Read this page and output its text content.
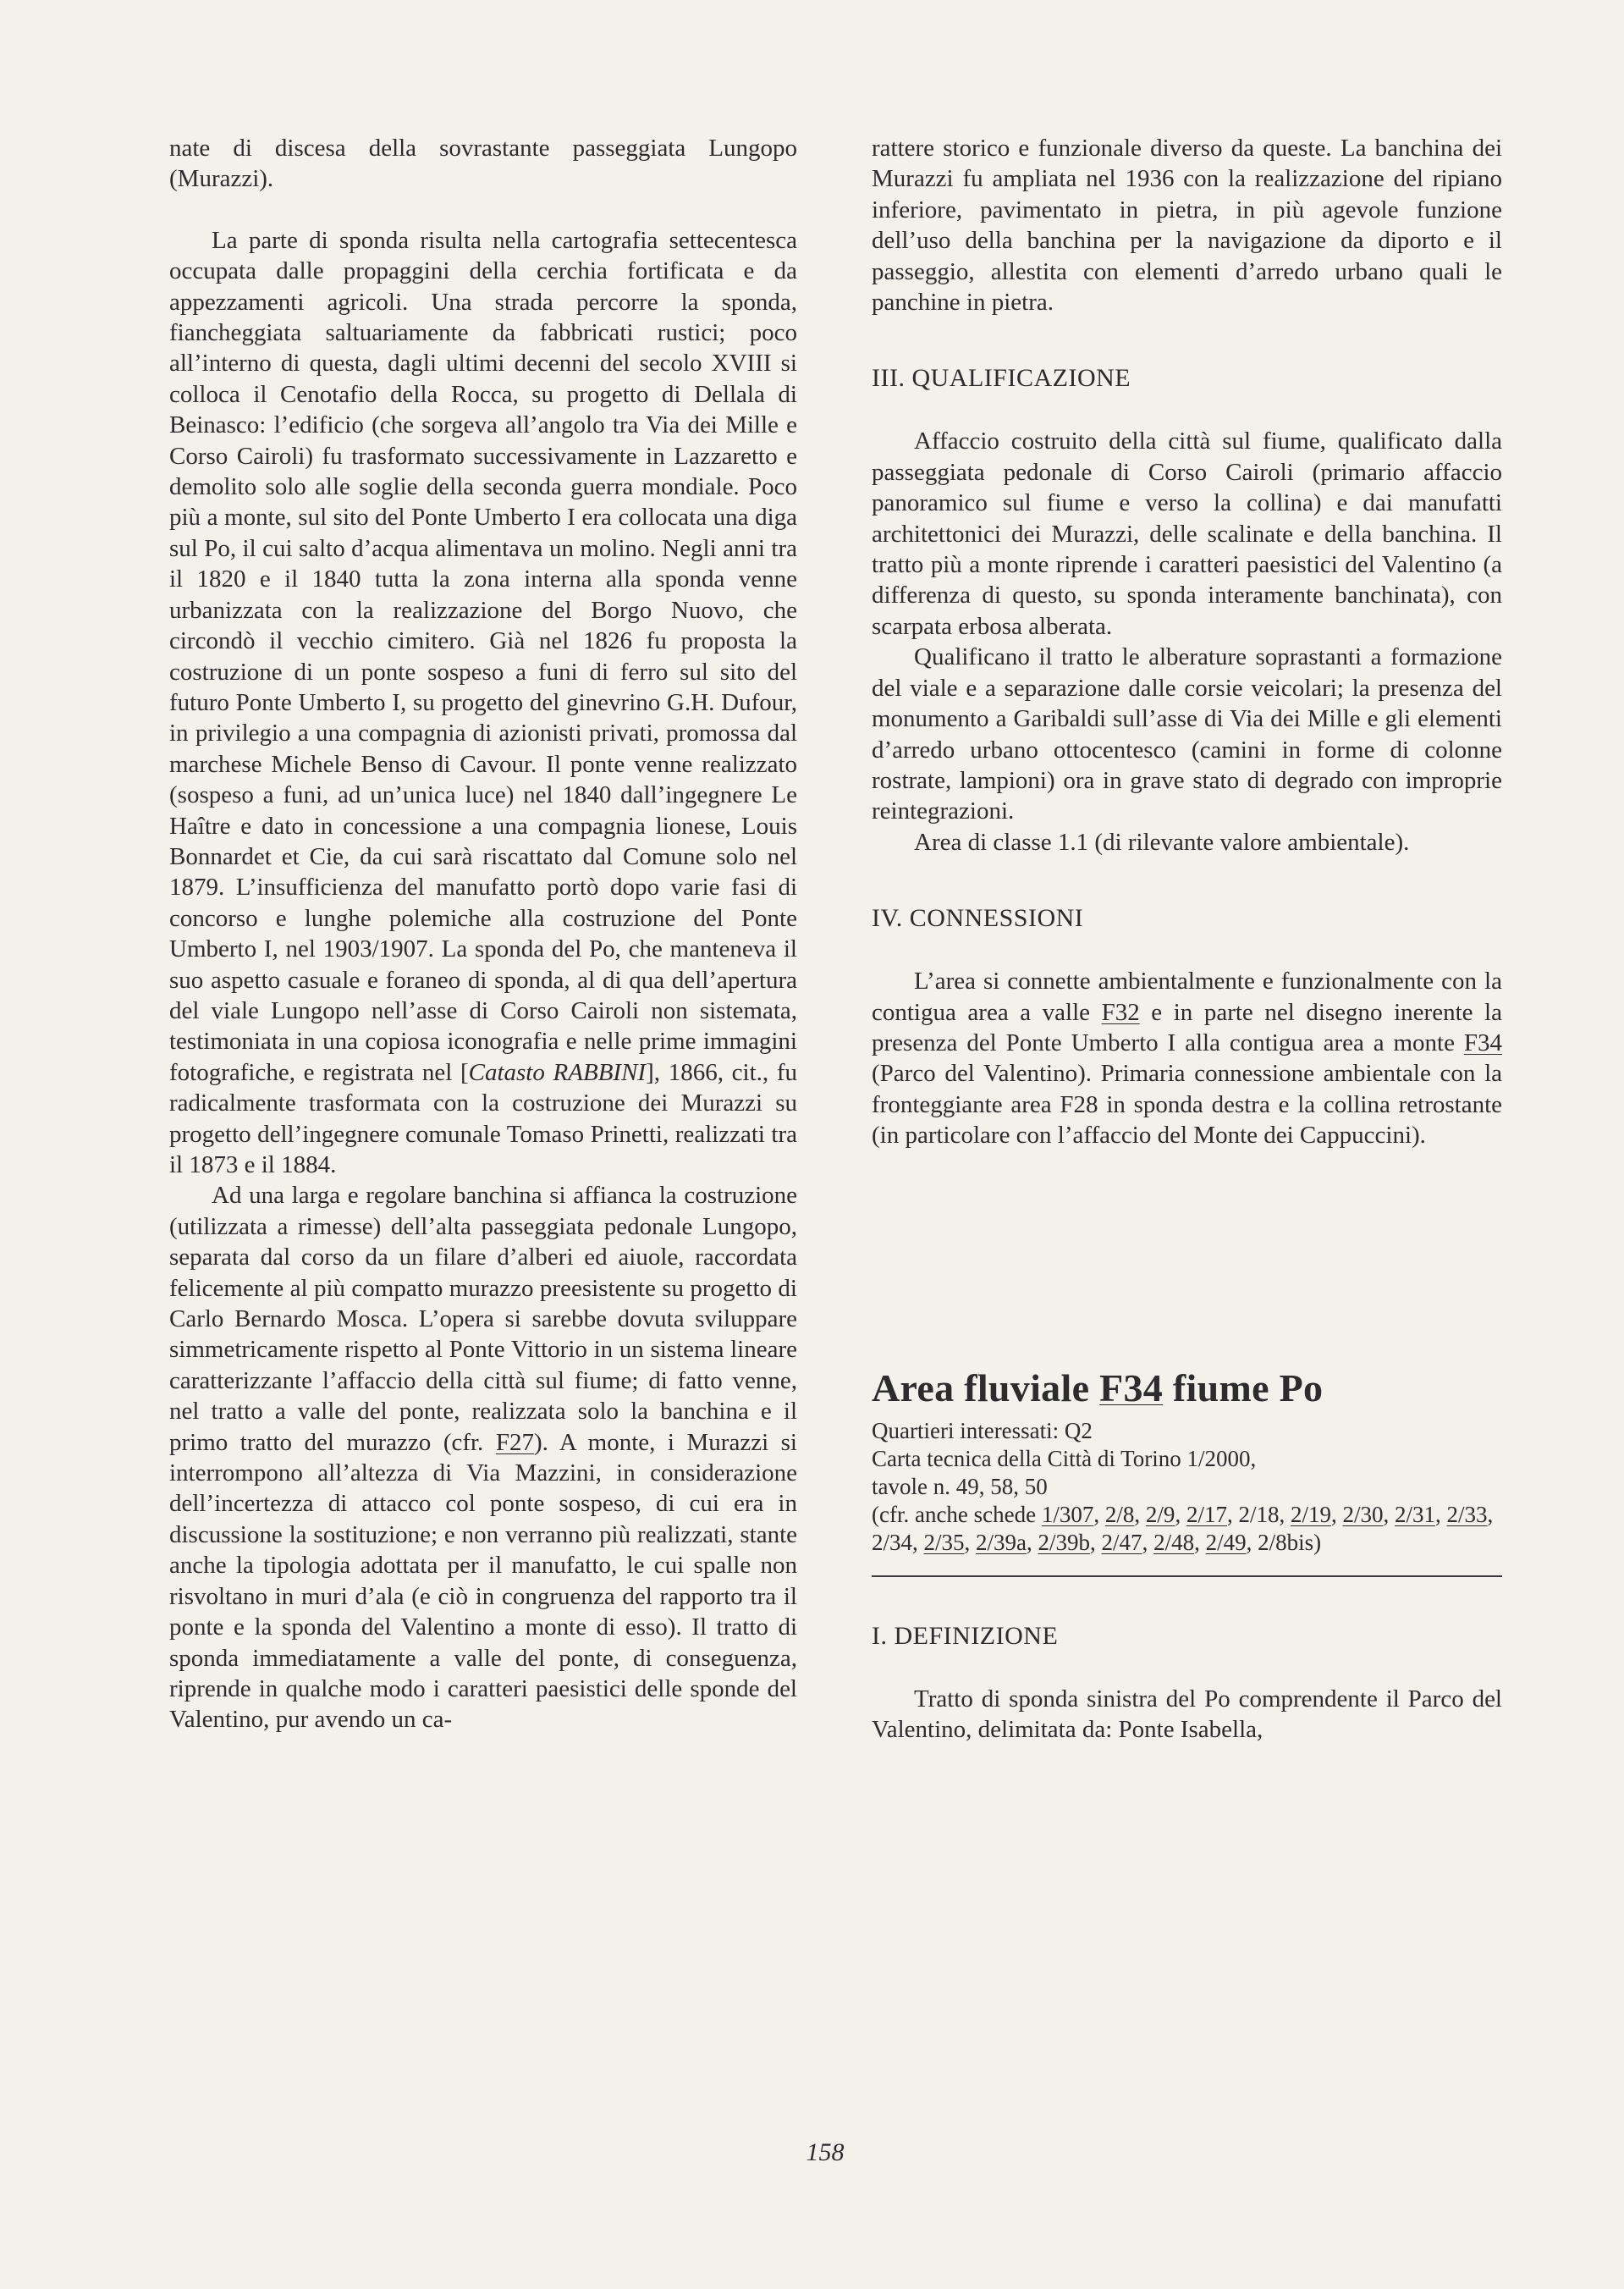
nate di discesa della sovrastante passeggiata Lungopo (Murazzi).

La parte di sponda risulta nella cartografia settecentesca occupata dalle propaggini della cerchia fortificata e da appezzamenti agricoli. Una strada percorre la sponda, fiancheggiata saltuariamente da fabbricati rustici; poco all’interno di questa, dagli ultimi decenni del secolo XVIII si colloca il Cenotafio della Rocca, su progetto di Dellala di Beinasco: l’edificio (che sorgeva all’angolo tra Via dei Mille e Corso Cairoli) fu trasformato successivamente in Lazzaretto e demolito solo alle soglie della seconda guerra mondiale. Poco più a monte, sul sito del Ponte Umberto I era collocata una diga sul Po, il cui salto d’acqua alimentava un molino. Negli anni tra il 1820 e il 1840 tutta la zona interna alla sponda venne urbanizzata con la realizzazione del Borgo Nuovo, che circondò il vecchio cimitero. Già nel 1826 fu proposta la costruzione di un ponte sospeso a funi di ferro sul sito del futuro Ponte Umberto I, su progetto del ginevrino G.H. Dufour, in privilegio a una compagnia di azionisti privati, promossa dal marchese Michele Benso di Cavour. Il ponte venne realizzato (sospeso a funi, ad un’unica luce) nel 1840 dall’ingegnere Le Haître e dato in concessione a una compagnia lionese, Louis Bonnardet et Cie, da cui sarà riscattato dal Comune solo nel 1879. L’insufficienza del manufatto portò dopo varie fasi di concorso e lunghe polemiche alla costruzione del Ponte Umberto I, nel 1903/1907. La sponda del Po, che manteneva il suo aspetto casuale e foraneo di sponda, al di qua dell’apertura del viale Lungopo nell’asse di Corso Cairoli non sistemata, testimoniata in una copiosa iconografia e nelle prime immagini fotografiche, e registrata nel [Catasto RABBINI], 1866, cit., fu radicalmente trasformata con la costruzione dei Murazzi su progetto dell’ingegnere comunale Tomaso Prinetti, realizzati tra il 1873 e il 1884.

Ad una larga e regolare banchina si affianca la costruzione (utilizzata a rimesse) dell’alta passeggiata pedonale Lungopo, separata dal corso da un filare d’alberi ed aiuole, raccordata felicemente al più compatto murazzo preesistente su progetto di Carlo Bernardo Mosca. L’opera si sarebbe dovuta sviluppare simmetricamente rispetto al Ponte Vittorio in un sistema lineare caratterizzante l’affaccio della città sul fiume; di fatto venne, nel tratto a valle del ponte, realizzata solo la banchina e il primo tratto del murazzo (cfr. F27). A monte, i Murazzi si interrompono all’altezza di Via Mazzini, in considerazione dell’incertezza di attacco col ponte sospeso, di cui era in discussione la sostituzione; e non verranno più realizzati, stante anche la tipologia adottata per il manufatto, le cui spalle non risvoltano in muri d’ala (e ciò in congruenza del rapporto tra il ponte e la sponda del Valentino a monte di esso). Il tratto di sponda immediatamente a valle del ponte, di conseguenza, riprende in qualche modo i caratteri paesistici delle sponde del Valentino, pur avendo un ca-

rattere storico e funzionale diverso da queste. La banchina dei Murazzi fu ampliata nel 1936 con la realizzazione del ripiano inferiore, pavimentato in pietra, in più agevole funzione dell’uso della banchina per la navigazione da diporto e il passeggio, allestita con elementi d’arredo urbano quali le panchine in pietra.

III. QUALIFICAZIONE

Affaccio costruito della città sul fiume, qualificato dalla passeggiata pedonale di Corso Cairoli (primario affaccio panoramico sul fiume e verso la collina) e dai manufatti architettonici dei Murazzi, delle scalinate e della banchina. Il tratto più a monte riprende i caratteri paesistici del Valentino (a differenza di questo, su sponda interamente banchinata), con scarpata erbosa alberata.

Qualificano il tratto le alberature soprastanti a formazione del viale e a separazione dalle corsie veicolari; la presenza del monumento a Garibaldi sull’asse di Via dei Mille e gli elementi d’arredo urbano ottocentesco (camini in forme di colonne rostrate, lampioni) ora in grave stato di degrado con improprie reintegrazioni.

Area di classe 1.1 (di rilevante valore ambientale).

IV. CONNESSIONI

L’area si connette ambientalmente e funzionalmente con la contigua area a valle F32 e in parte nel disegno inerente la presenza del Ponte Umberto I alla contigua area a monte F34 (Parco del Valentino). Primaria connessione ambientale con la fronteggiante area F28 in sponda destra e la collina retrostante (in particolare con l’affaccio del Monte dei Cappuccini).

Area fluviale F34 fiume Po
Quartieri interessati: Q2
Carta tecnica della Città di Torino 1/2000,
tavole n. 49, 58, 50
(cfr. anche schede 1/307, 2/8, 2/9, 2/17, 2/18, 2/19, 2/30, 2/31, 2/33, 2/34, 2/35, 2/39a, 2/39b, 2/47, 2/48, 2/49, 2/8bis)
I. DEFINIZIONE

Tratto di sponda sinistra del Po comprendente il Parco del Valentino, delimitata da: Ponte Isabella,

158
